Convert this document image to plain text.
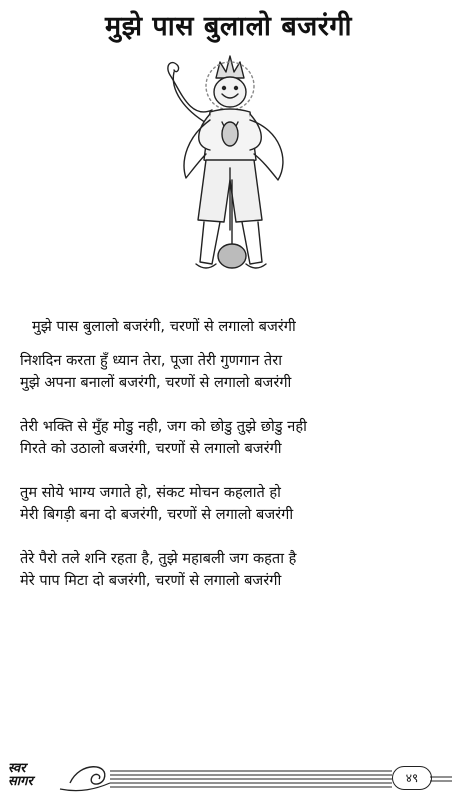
मुझे पास बुलालो बजरंगी
मुझे पास बुलालो बजरंगी, चरणों से लगालो बजरंगी
निशदिन करता हुँ ध्यान तेरा, पूजा तेरी गुणगान तेरा
मुझे अपना बनालों बजरंगी, चरणों से लगालो बजरंगी
तेरी भक्ति से मुँह मोडु नही, जग को छोडु तुझे छोडु नही
गिरते को उठालो बजरंगी, चरणों से लगालो बजरंगी
तुम सोये भाग्य जगाते हो, संकट मोचन कहलाते हो
मेरी बिगड़ी बना दो बजरंगी, चरणों से लगालो बजरंगी
तेरे पैरो तले शनि रहता है, तुझे महाबली जग कहता है
मेरे पाप मिटा दो बजरंगी, चरणों से लगालो बजरंगी
स्वर
सागर	४९
